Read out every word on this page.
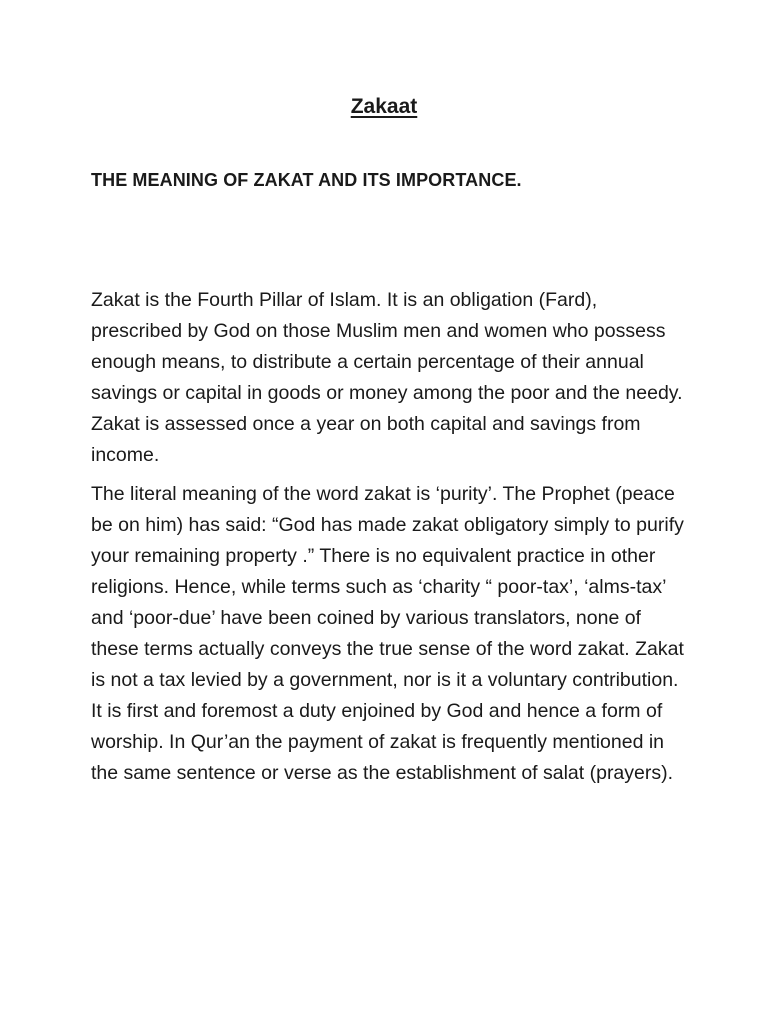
Zakaat
THE MEANING OF ZAKAT AND ITS IMPORTANCE.

Zakat is the Fourth Pillar of Islam. It is an obligation (Fard), prescribed by God on those Muslim men and women who possess enough means, to distribute a certain percentage of their annual savings or capital in goods or money among the poor and the needy. Zakat is assessed once a year on both capital and savings from income.

The literal meaning of the word zakat is ‘purity’. The Prophet (peace be on him) has said: “God has made zakat obligatory simply to purify your remaining property .” There is no equivalent practice in other religions. Hence, while terms such as ‘charity “ poor-tax’, ‘alms-tax’ and ‘poor-due’ have been coined by various translators, none of these terms actually conveys the true sense of the word zakat. Zakat is not a tax levied by a government, nor is it a voluntary contribution. It is first and foremost a duty enjoined by God and hence a form of worship. In Qur’an the payment of zakat is frequently mentioned in the same sentence or verse as the establishment of salat (prayers).
